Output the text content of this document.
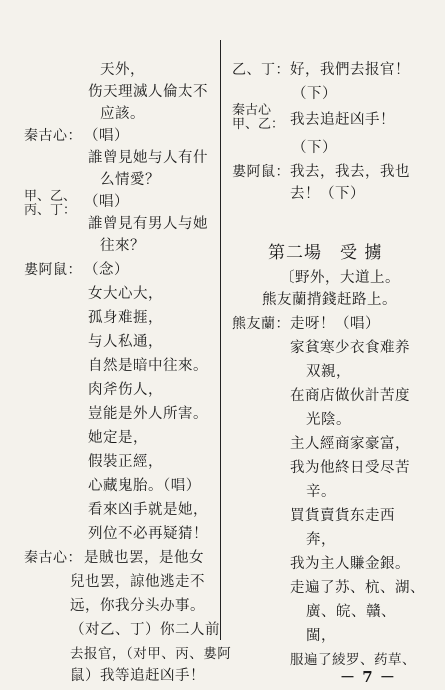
天外，
伤天理滅人倫太不
应該。
秦古心： （唱）
誰曾見她与人有什
么情愛？
甲、乙、
丙、丁：
（唱）
誰曾見有男人与她
往來？
婁阿鼠： （念）
女大心大，
孤身难捱，
与人私通，
自然是暗中往來。
肉斧伤人，
豈能是外人所害。
她定是，
假裝正經，
心藏鬼胎。（唱）
看來凶手就是她，
列位不必再疑猜！
秦古心： 是賊也罢，是他女
兒也罢，諒他逃走不
远，你我分头办事。
（对乙、丁）你二人前
去报官，（对甲、丙、婁阿
鼠）我等追赶凶手！
乙、丁： 好，我們去报官！
（下）
秦古心
甲、乙： 我去追赶凶手！
（下）
婁阿鼠： 我去，我去，我也
去！（下）
第二場　受 擄
〔野外，大道上。
熊友蘭揹錢赶路上。
熊友蘭： 走呀！（唱）
家貧寒少衣食难养
双親，
在商店做伙計苦度
光陰。
主人經商家豪富，
我为他終日受尽苦
辛。
買貨賣貨东走西
奔，
我为主人賺金銀。
走遍了苏、杭、湖、
廣、皖、贛、
閩，
服遍了綾罗、药草、
－ 7 －
